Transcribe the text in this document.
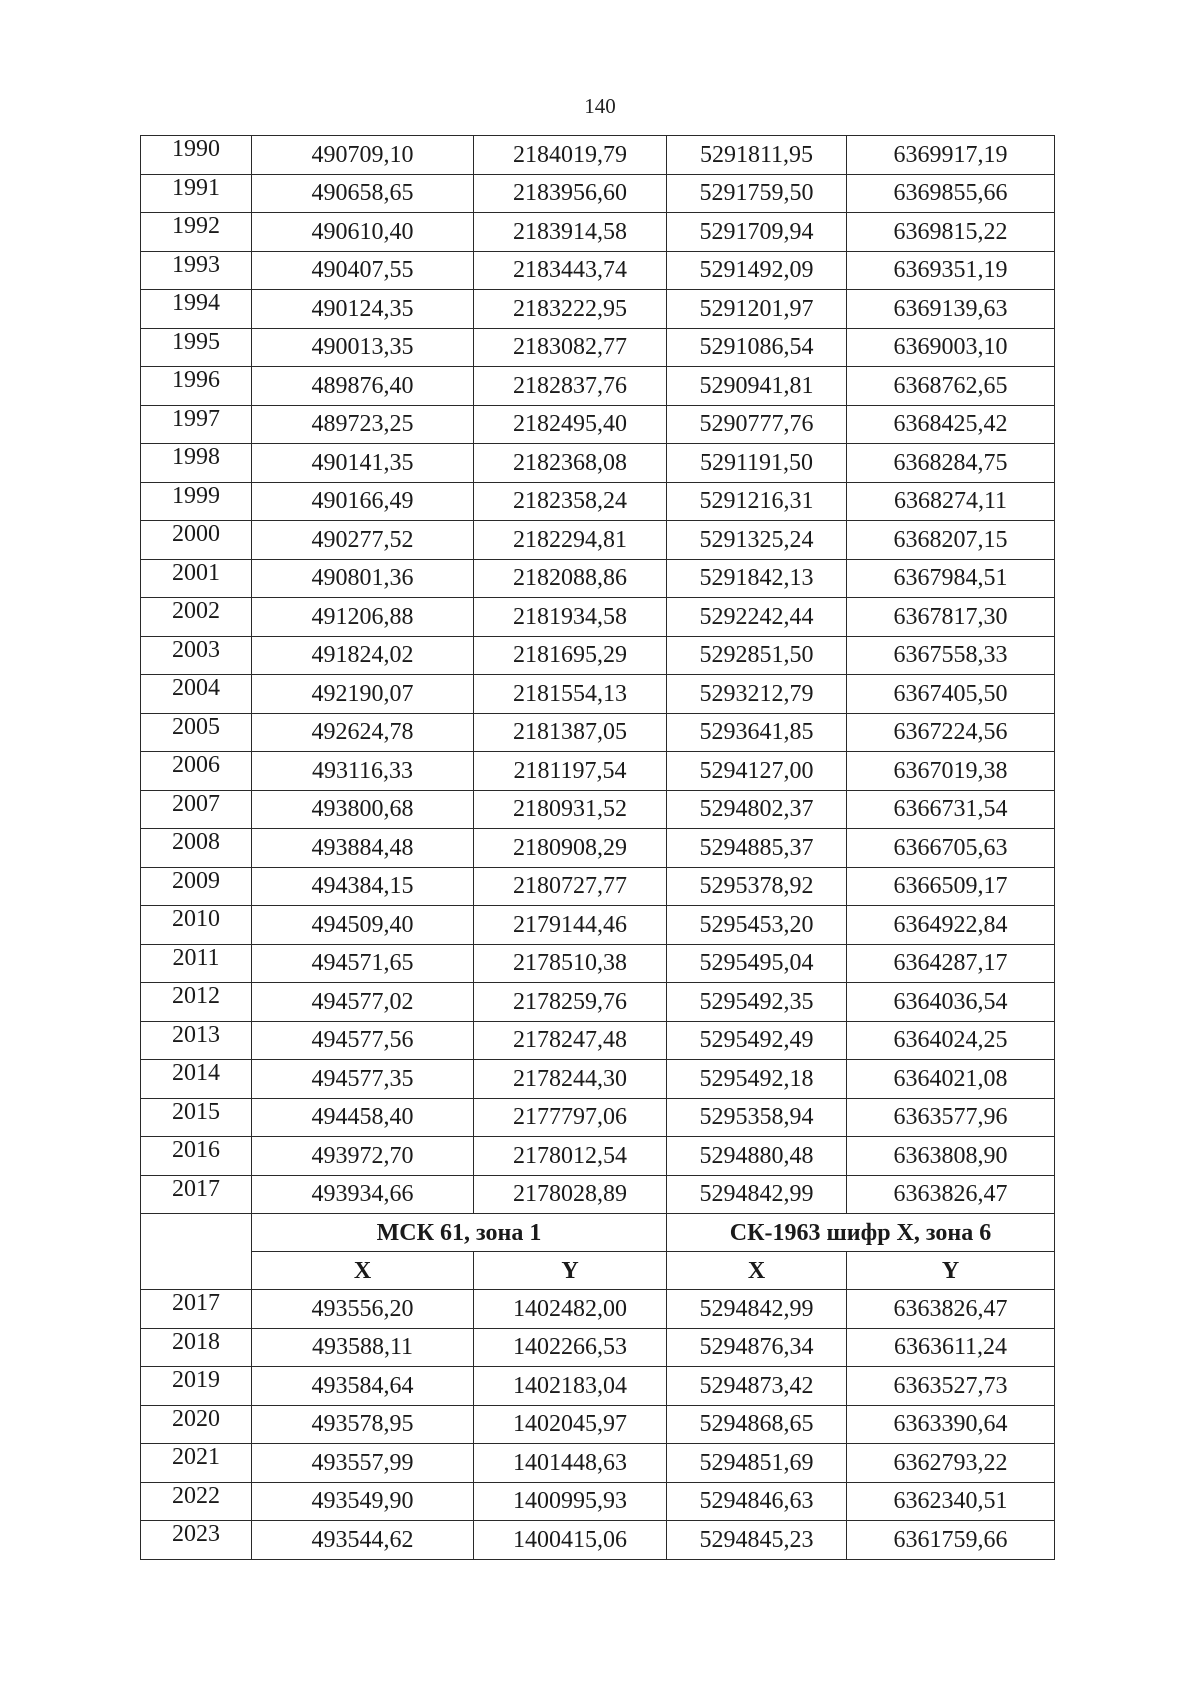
140
1990	490709,10	2184019,79	5291811,95	6369917,19
1991	490658,65	2183956,60	5291759,50	6369855,66
1992	490610,40	2183914,58	5291709,94	6369815,22
1993	490407,55	2183443,74	5291492,09	6369351,19
1994	490124,35	2183222,95	5291201,97	6369139,63
1995	490013,35	2183082,77	5291086,54	6369003,10
1996	489876,40	2182837,76	5290941,81	6368762,65
1997	489723,25	2182495,40	5290777,76	6368425,42
1998	490141,35	2182368,08	5291191,50	6368284,75
1999	490166,49	2182358,24	5291216,31	6368274,11
2000	490277,52	2182294,81	5291325,24	6368207,15
2001	490801,36	2182088,86	5291842,13	6367984,51
2002	491206,88	2181934,58	5292242,44	6367817,30
2003	491824,02	2181695,29	5292851,50	6367558,33
2004	492190,07	2181554,13	5293212,79	6367405,50
2005	492624,78	2181387,05	5293641,85	6367224,56
2006	493116,33	2181197,54	5294127,00	6367019,38
2007	493800,68	2180931,52	5294802,37	6366731,54
2008	493884,48	2180908,29	5294885,37	6366705,63
2009	494384,15	2180727,77	5295378,92	6366509,17
2010	494509,40	2179144,46	5295453,20	6364922,84
2011	494571,65	2178510,38	5295495,04	6364287,17
2012	494577,02	2178259,76	5295492,35	6364036,54
2013	494577,56	2178247,48	5295492,49	6364024,25
2014	494577,35	2178244,30	5295492,18	6364021,08
2015	494458,40	2177797,06	5295358,94	6363577,96
2016	493972,70	2178012,54	5294880,48	6363808,90
2017	493934,66	2178028,89	5294842,99	6363826,47
	МСК 61, зона 1		СК-1963 шифр Х, зона 6	
	X	Y	X	Y
2017	493556,20	1402482,00	5294842,99	6363826,47
2018	493588,11	1402266,53	5294876,34	6363611,24
2019	493584,64	1402183,04	5294873,42	6363527,73
2020	493578,95	1402045,97	5294868,65	6363390,64
2021	493557,99	1401448,63	5294851,69	6362793,22
2022	493549,90	1400995,93	5294846,63	6362340,51
2023	493544,62	1400415,06	5294845,23	6361759,66
